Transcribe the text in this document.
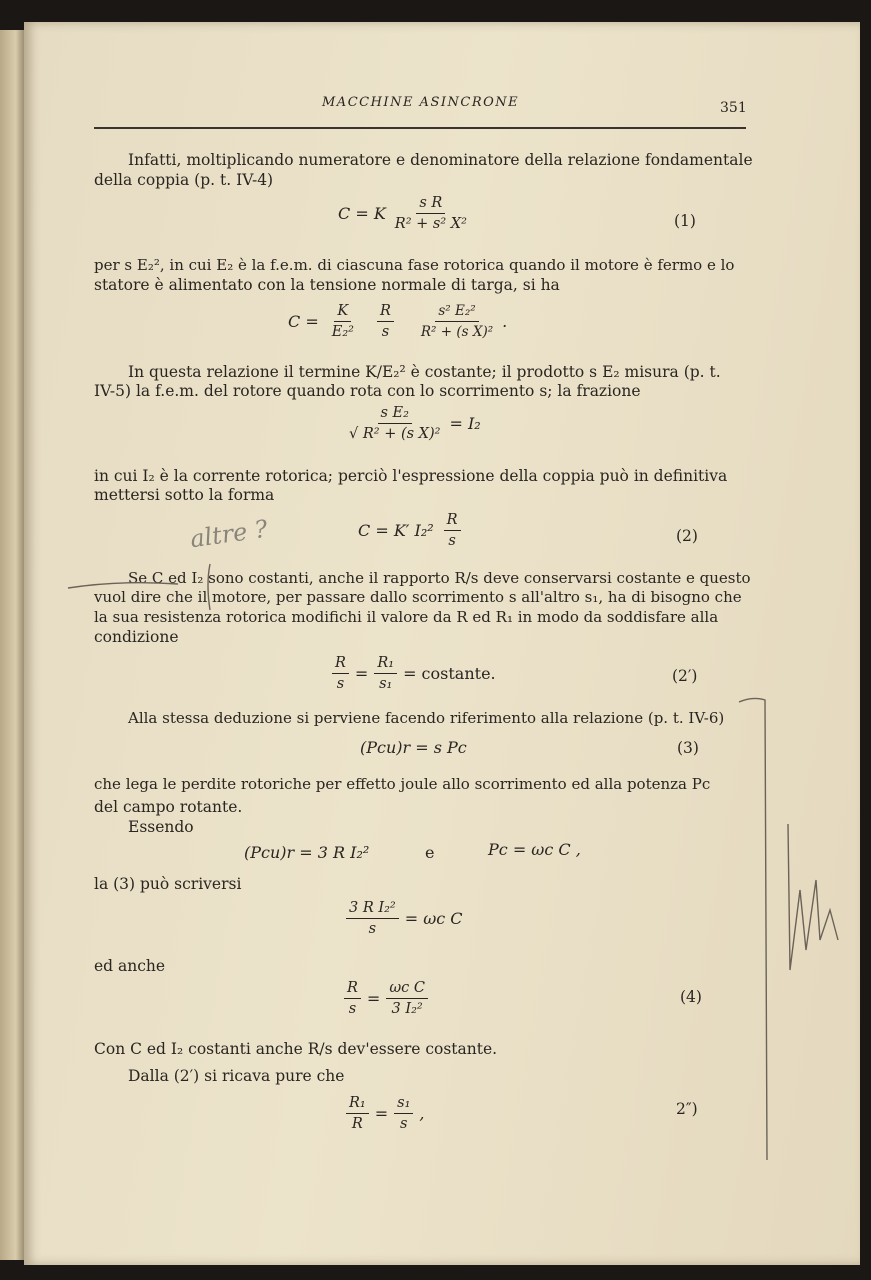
MACCHINE ASINCRONE	351
Infatti, moltiplicando numeratore e denominatore della relazione fondamentale
della coppia (p. t. IV-4)
C = K $\frac{\text{s R}}{\text{R² + s² X²}}$	(1)
per s E₂², in cui E₂ è la f.e.m. di ciascuna fase rotorica quando il motore è fermo e lo
statore è alimentato con la tensione normale di targa, si ha
$C = \frac{K}{\text{E₂²}} \frac{R}{s} \frac{\text{s² E₂²}}{\text{R² + (s X)²}}$ .
In questa relazione il termine K/E₂² è costante; il prodotto s E₂ misura (p. t.
IV-5) la f.e.m. del rotore quando rota con lo scorrimento s; la frazione
$\frac{\text{s E₂}}{\text{√ R² + (s X)²}} = I_2$
in cui I₂ è la corrente rotorica; perciò l'espressione della coppia può in definitiva
mettersi sotto la forma
altre ?	C = K′ $I_2^2 \frac{R}{s}$	(2)
Se C ed I₂ sono costanti, anche il rapporto R/s deve conservarsi costante e questo
vuol dire che il motore, per passare dallo scorrimento s all'altro s₁, ha di bisogno che
la sua resistenza rotorica modifichi il valore da R ed R₁ in modo da soddisfare alla
condizione
$\frac{R}{s} = \frac{\text{R₁}}{\text{s₁}}$ = costante.	(2′)
Alla stessa deduzione si perviene facendo riferimento alla relazione (p. t. IV-6)
(Pcu)r = s Pc	(3)
che lega le perdite rotoriche per effetto joule allo scorrimento ed alla potenza Pc
del campo rotante.
Essendo
(Pcu)r = 3 R I₂²	e	Pc = ωc C ,
la (3) può scriversi
$\frac{\text{3 R I₂²}}{s} = \omega c$ C
ed anche
$\frac{R}{s} = \frac{\text{ωc C}}{\text{3 I₂²}}$	(4)
Con C ed I₂ costanti anche R/s dev'essere costante.
Dalla (2′) si ricava pure che
$\frac{\text{R₁}}{R} = \frac{\text{s₁}}{s}$ ,	2″)
